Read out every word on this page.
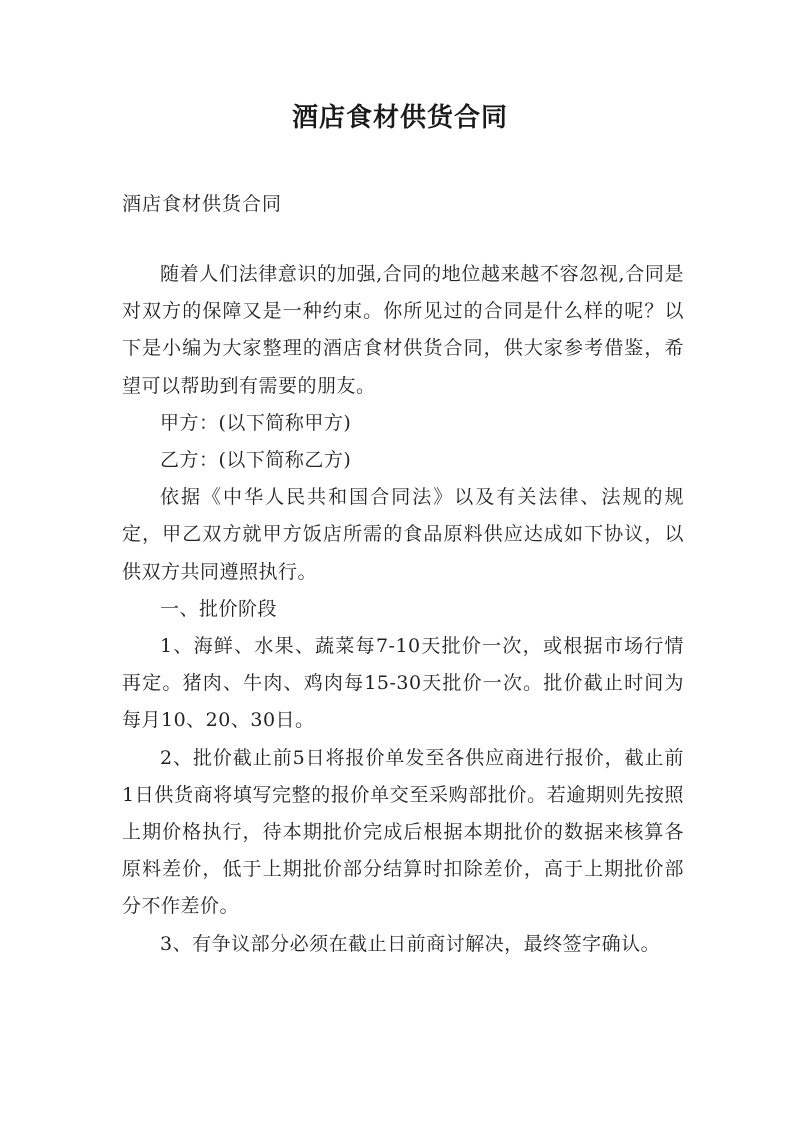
酒店食材供货合同
酒店食材供货合同

随着人们法律意识的加强,合同的地位越来越不容忽视,合同是对双方的保障又是一种约束。你所见过的合同是什么样的呢？以下是小编为大家整理的酒店食材供货合同，供大家参考借鉴，希望可以帮助到有需要的朋友。

甲方：(以下简称甲方)

乙方：(以下简称乙方)

依据《中华人民共和国合同法》以及有关法律、法规的规定，甲乙双方就甲方饭店所需的食品原料供应达成如下协议，以供双方共同遵照执行。

一、批价阶段

1、海鲜、水果、蔬菜每7-10天批价一次，或根据市场行情再定。猪肉、牛肉、鸡肉每15-30天批价一次。批价截止时间为每月10、20、30日。

2、批价截止前5日将报价单发至各供应商进行报价，截止前1日供货商将填写完整的报价单交至采购部批价。若逾期则先按照上期价格执行，待本期批价完成后根据本期批价的数据来核算各原料差价，低于上期批价部分结算时扣除差价，高于上期批价部分不作差价。

3、有争议部分必须在截止日前商讨解决，最终签字确认。
